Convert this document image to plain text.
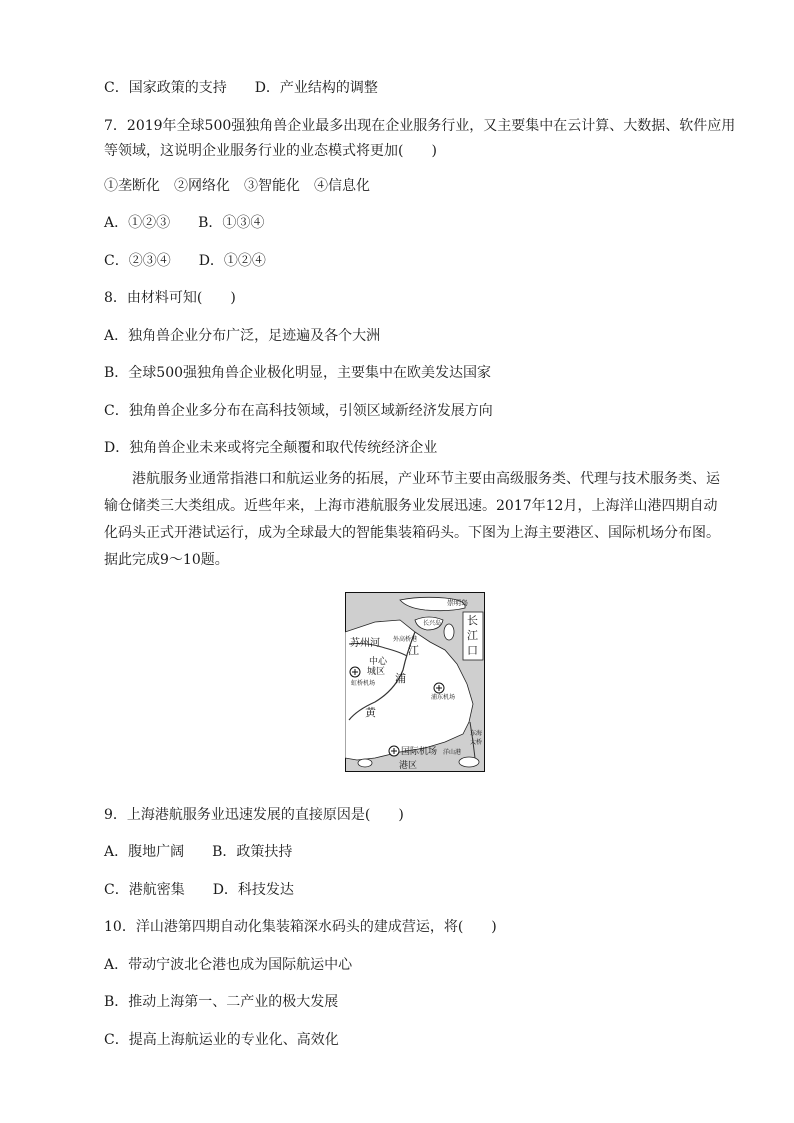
C．国家政策的支持　　D．产业结构的调整
7．2019年全球500强独角兽企业最多出现在企业服务行业，又主要集中在云计算、大数据、软件应用
等领域，这说明企业服务行业的业态模式将更加(　　)
①垄断化　②网络化　③智能化　④信息化
A．①②③　　B．①③④
C．②③④　　D．①②④
8．由材料可知(　　)
A．独角兽企业分布广泛，足迹遍及各个大洲
B．全球500强独角兽企业极化明显，主要集中在欧美发达国家
C．独角兽企业多分布在高科技领域，引领区域新经济发展方向
D．独角兽企业未来或将完全颠覆和取代传统经济企业
港航服务业通常指港口和航运业务的拓展，产业环节主要由高级服务类、代理与技术服务类、运输仓储类三大类组成。近些年来，上海市港航服务业发展迅速。2017年12月，上海洋山港四期自动化码头正式开港试运行，成为全球最大的智能集装箱码头。下图为上海主要港区、国际机场分布图。据此完成9～10题。
崇明岛
长兴岛
外高桥港
长
江
口
苏州河
江
中心
城区
虹桥机场 浦
浦东机场
黄
东海
大桥
国际机场 洋山港
港区
9．上海港航服务业迅速发展的直接原因是(　　)
A．腹地广阔　　B．政策扶持
C．港航密集　　D．科技发达
10．洋山港第四期自动化集装箱深水码头的建成营运，将(　　)
A．带动宁波北仑港也成为国际航运中心
B．推动上海第一、二产业的极大发展
C．提高上海航运业的专业化、高效化
